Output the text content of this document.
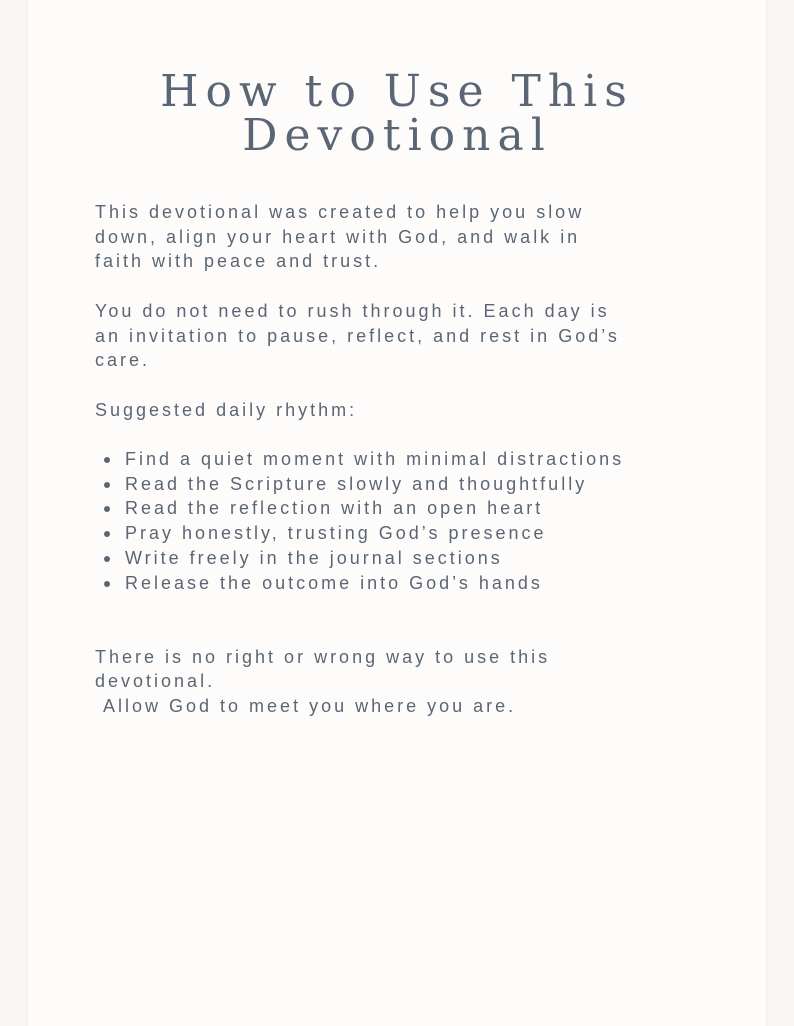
How to Use This
Devotional

This devotional was created to help you slow
down, align your heart with God, and walk in
faith with peace and trust.

You do not need to rush through it. Each day is
an invitation to pause, reflect, and rest in God’s
care.

Suggested daily rhythm:

Find a quiet moment with minimal distractions
Read the Scripture slowly and thoughtfully
Read the reflection with an open heart
Pray honestly, trusting God’s presence
Write freely in the journal sections
Release the outcome into God’s hands

There is no right or wrong way to use this
devotional.
Allow God to meet you where you are.
